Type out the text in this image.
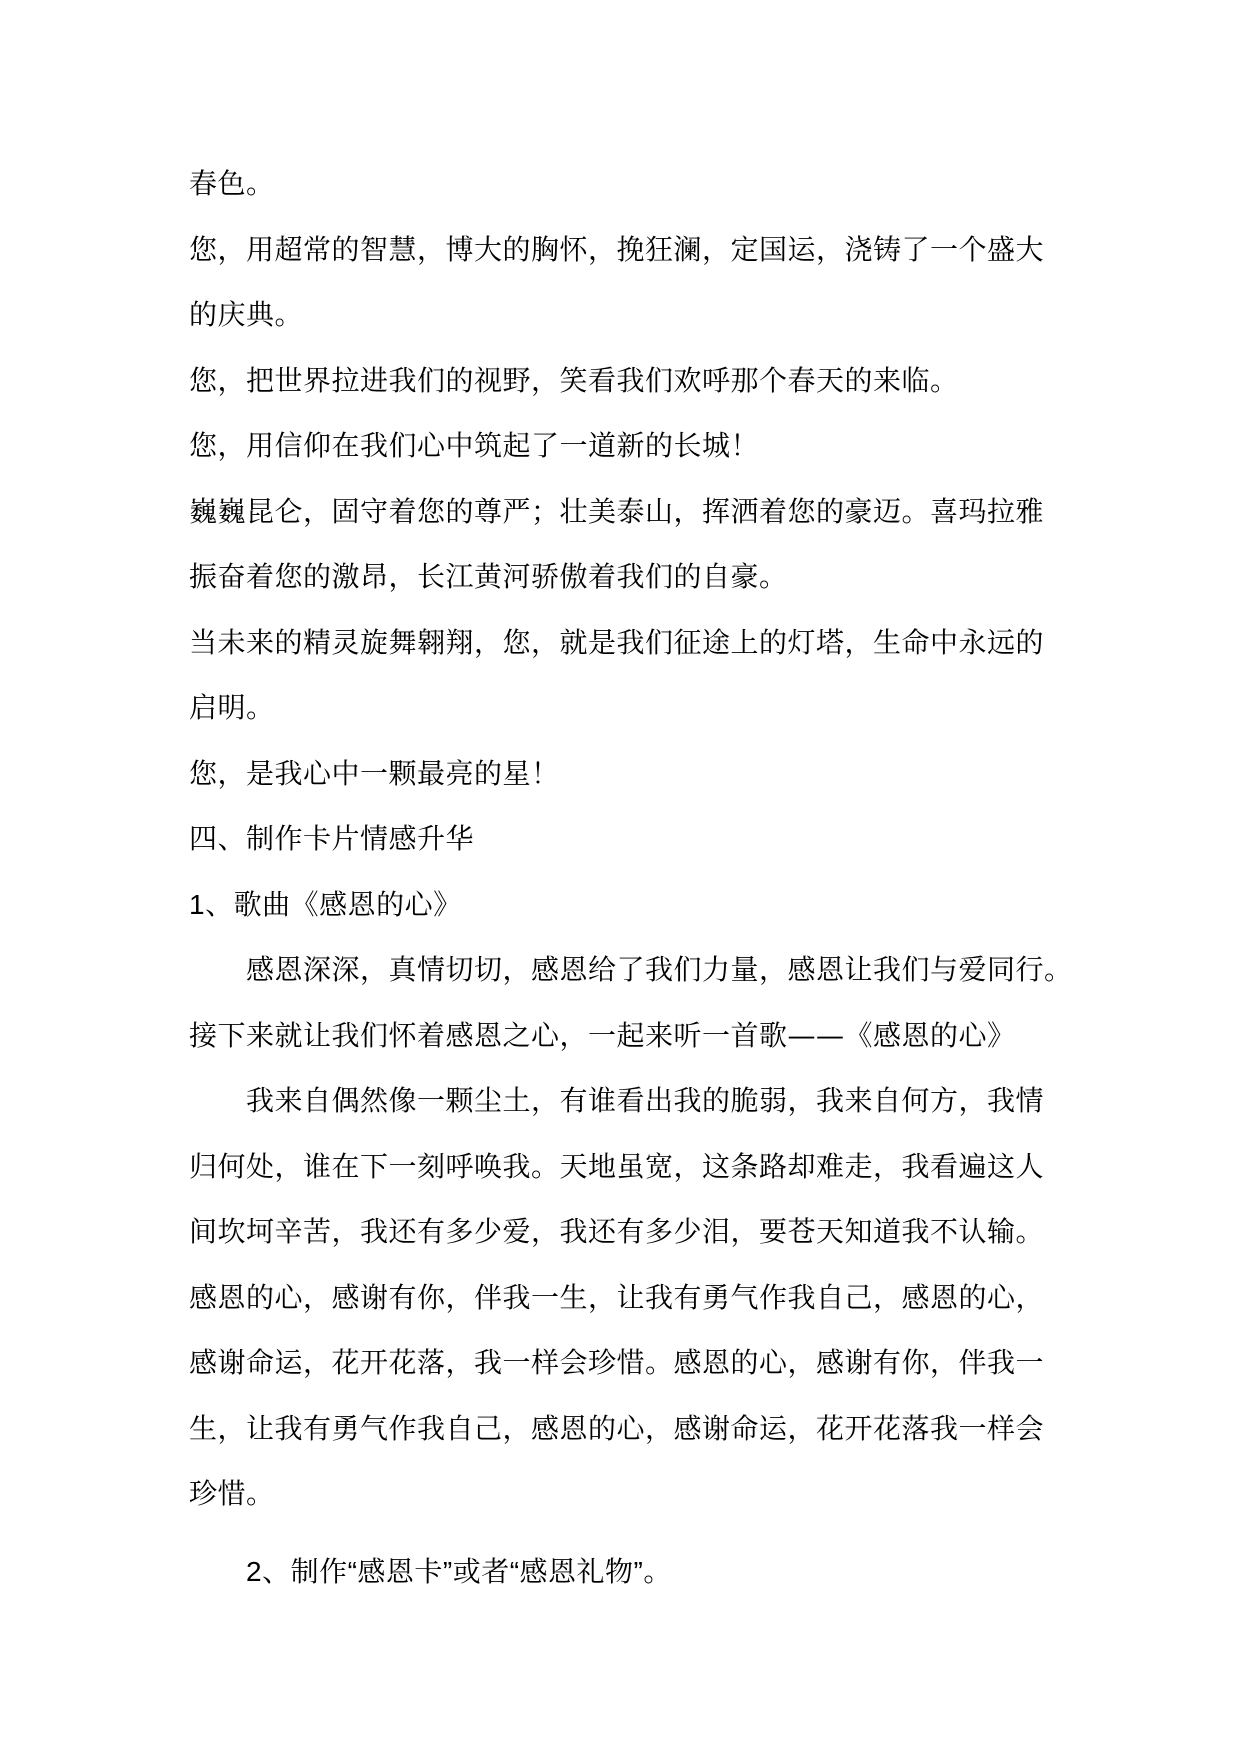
春色。
您，用超常的智慧，博大的胸怀，挽狂澜，定国运，浇铸了一个盛大
的庆典。
您，把世界拉进我们的视野，笑看我们欢呼那个春天的来临。
您，用信仰在我们心中筑起了一道新的长城！
巍巍昆仑，固守着您的尊严；壮美泰山，挥洒着您的豪迈。喜玛拉雅
振奋着您的激昂，长江黄河骄傲着我们的自豪。
当未来的精灵旋舞翱翔，您，就是我们征途上的灯塔，生命中永远的
启明。
您，是我心中一颗最亮的星！
四、制作卡片情感升华
1、歌曲《感恩的心》
感恩深深，真情切切，感恩给了我们力量，感恩让我们与爱同行。
接下来就让我们怀着感恩之心，一起来听一首歌——《感恩的心》
我来自偶然像一颗尘土，有谁看出我的脆弱，我来自何方，我情
归何处，谁在下一刻呼唤我。天地虽宽，这条路却难走，我看遍这人
间坎坷辛苦，我还有多少爱，我还有多少泪，要苍天知道我不认输。
感恩的心，感谢有你，伴我一生，让我有勇气作我自己，感恩的心，
感谢命运，花开花落，我一样会珍惜。感恩的心，感谢有你，伴我一
生，让我有勇气作我自己，感恩的心，感谢命运，花开花落我一样会
珍惜。
2、制作“感恩卡”或者“感恩礼物”。
